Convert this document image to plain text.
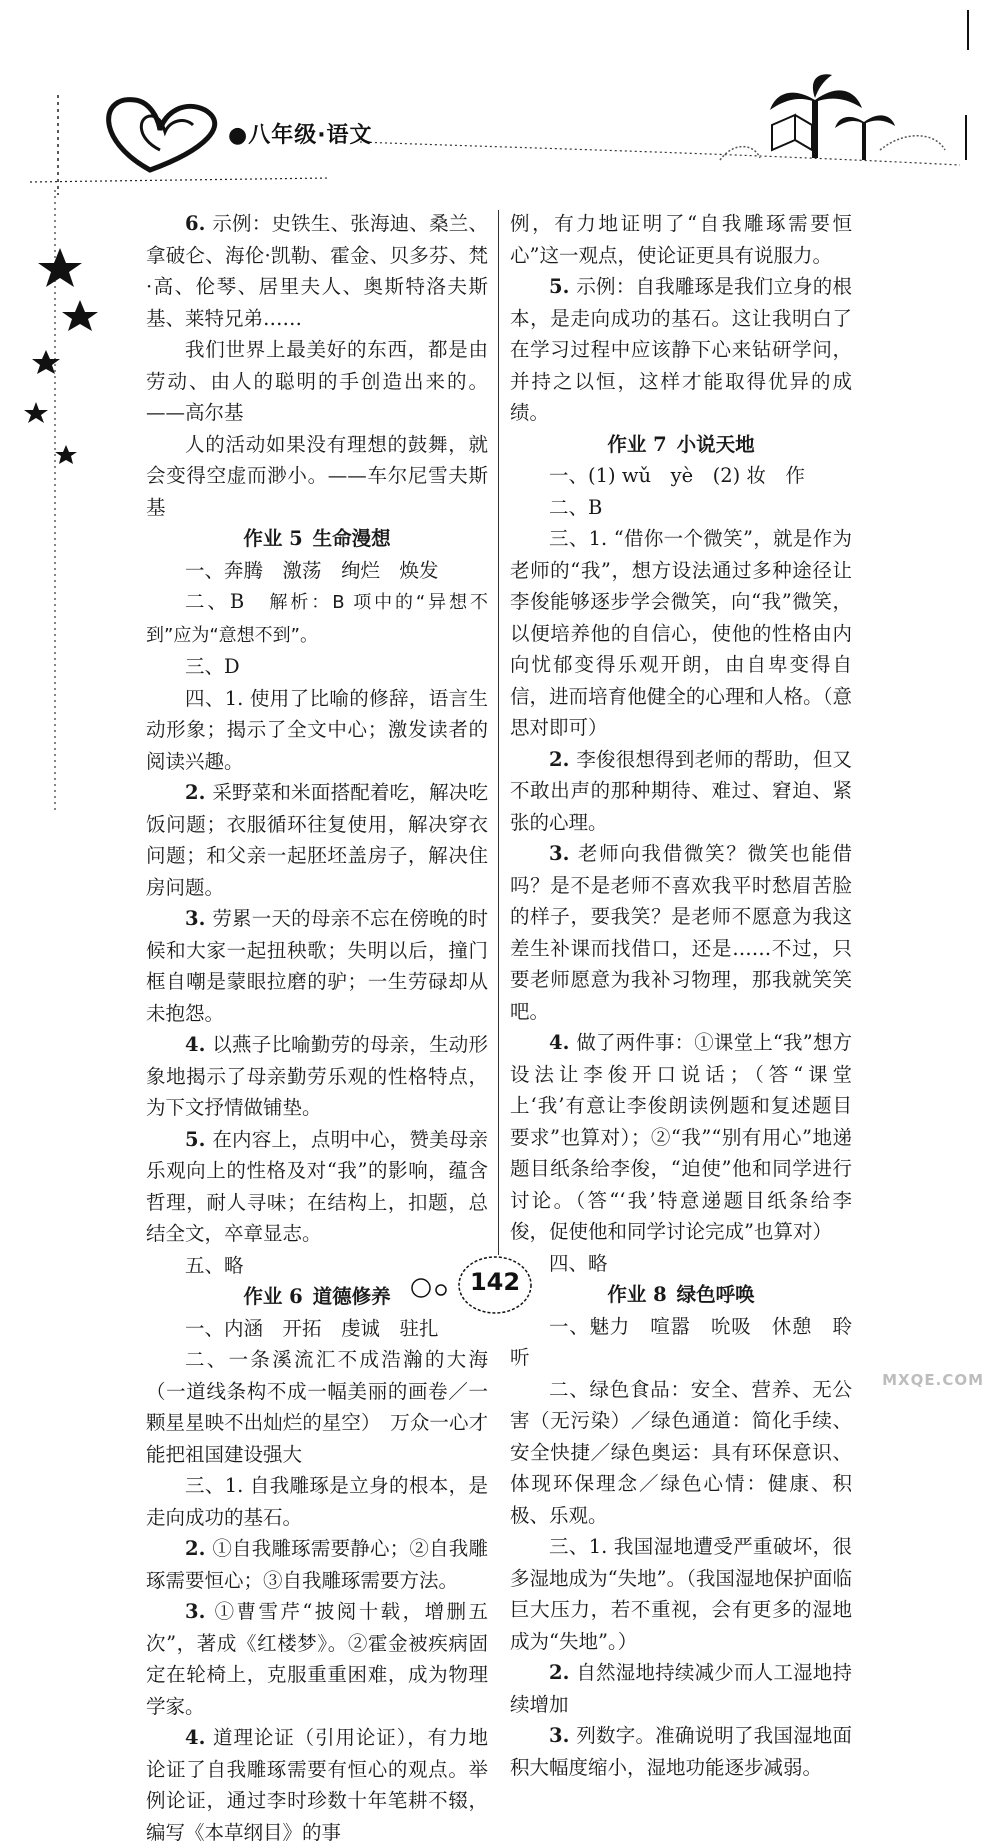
●八年级·语文

6. 示例：史铁生、张海迪、桑兰、拿破仑、海伦·凯勒、霍金、贝多芬、梵·高、伦琴、居里夫人、奥斯特洛夫斯基、莱特兄弟……

我们世界上最美好的东西，都是由劳动、由人的聪明的手创造出来的。——高尔基

人的活动如果没有理想的鼓舞，就会变得空虚而渺小。——车尔尼雪夫斯基

作业 5 生命漫想

一、奔腾　激荡　绚烂　焕发

二、B　 解析：B 项中的“异想不到”应为“意想不到”。

三、D

四、1. 使用了比喻的修辞，语言生动形象；揭示了全文中心；激发读者的阅读兴趣。

2. 采野菜和米面搭配着吃，解决吃饭问题；衣服循环往复使用，解决穿衣问题；和父亲一起胚坯盖房子，解决住房问题。

3. 劳累一天的母亲不忘在傍晚的时候和大家一起扭秧歌；失明以后，撞门框自嘲是蒙眼拉磨的驴；一生劳碌却从未抱怨。

4. 以燕子比喻勤劳的母亲，生动形象地揭示了母亲勤劳乐观的性格特点，为下文抒情做铺垫。

5. 在内容上，点明中心，赞美母亲乐观向上的性格及对“我”的影响，蕴含哲理，耐人寻味；在结构上，扣题，总结全文，卒章显志。

五、略

作业 6 道德修养

一、内涵　开拓　虔诚　驻扎

二、一条溪流汇不成浩瀚的大海（一道线条构不成一幅美丽的画卷／一颗星星映不出灿烂的星空）　万众一心才能把祖国建设强大

三、1. 自我雕琢是立身的根本，是走向成功的基石。

2. ①自我雕琢需要静心；②自我雕琢需要恒心；③自我雕琢需要方法。

3. ①曹雪芹“披阅十载，增删五次”，著成《红楼梦》。②霍金被疾病固定在轮椅上，克服重重困难，成为物理学家。

4. 道理论证（引用论证），有力地论证了自我雕琢需要有恒心的观点。举例论证，通过李时珍数十年笔耕不辍，编写《本草纲目》的事

例，有力地证明了“自我雕琢需要恒心”这一观点，使论证更具有说服力。

5. 示例：自我雕琢是我们立身的根本，是走向成功的基石。这让我明白了在学习过程中应该静下心来钻研学问，并持之以恒，这样才能取得优异的成绩。

作业 7 小说天地

一、(1) wǔ　yè　(2) 妆　作

二、B

三、1. “借你一个微笑”，就是作为老师的“我”，想方设法通过多种途径让李俊能够逐步学会微笑，向“我”微笑，以便培养他的自信心，使他的性格由内向忧郁变得乐观开朗，由自卑变得自信，进而培育他健全的心理和人格。（意思对即可）

2. 李俊很想得到老师的帮助，但又不敢出声的那种期待、难过、窘迫、紧张的心理。

3. 老师向我借微笑？微笑也能借吗？是不是老师不喜欢我平时愁眉苦脸的样子，要我笑？是老师不愿意为我这差生补课而找借口，还是……不过，只要老师愿意为我补习物理，那我就笑笑吧。

4. 做了两件事：①课堂上“我”想方设法让李俊开口说话；（答“课堂上‘我’有意让李俊朗读例题和复述题目要求”也算对）；②“我”“别有用心”地递题目纸条给李俊，“迫使”他和同学进行讨论。（答“‘我’特意递题目纸条给李俊，促使他和同学讨论完成”也算对）

四、略

作业 8 绿色呼唤

一、魅力　喧嚣　吮吸　休憩　聆听

二、绿色食品：安全、营养、无公害（无污染）／绿色通道：简化手续、安全快捷／绿色奥运：具有环保意识、体现环保理念／绿色心情：健康、积极、乐观。

三、1. 我国湿地遭受严重破坏，很多湿地成为“失地”。（我国湿地保护面临巨大压力，若不重视，会有更多的湿地成为“失地”。）

2. 自然湿地持续减少而人工湿地持续增加

3. 列数字。准确说明了我国湿地面积大幅度缩小，湿地功能逐步减弱。

142
MXQE.COM
